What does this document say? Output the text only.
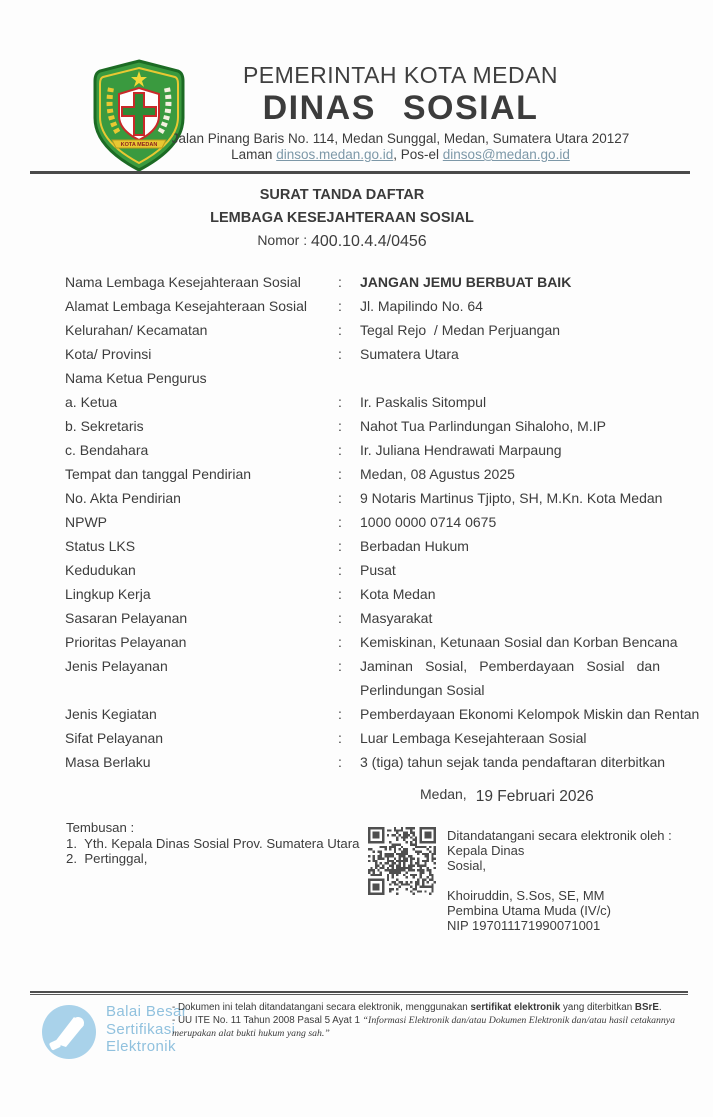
KOTA MEDAN
PEMERINTAH KOTA MEDAN
DINAS SOSIAL
Jalan Pinang Baris No. 114, Medan Sunggal, Medan, Sumatera Utara 20127
Laman dinsos.medan.go.id, Pos-el dinsos@medan.go.id
SURAT TANDA DAFTAR
LEMBAGA KESEJAHTERAAN SOSIAL
Nomor : 400.10.4.4/0456
Nama Lembaga Kesejahteraan Sosial	:	JANGAN JEMU BERBUAT BAIK
Alamat Lembaga Kesejahteraan Sosial	:	Jl. Mapilindo No. 64
Kelurahan/ Kecamatan	:	Tegal Rejo  / Medan Perjuangan
Kota/ Provinsi	:	Sumatera Utara
Nama Ketua Pengurus
a. Ketua	:	Ir. Paskalis Sitompul
b. Sekretaris	:	Nahot Tua Parlindungan Sihaloho, M.IP
c. Bendahara	:	Ir. Juliana Hendrawati Marpaung
Tempat dan tanggal Pendirian	:	Medan, 08 Agustus 2025
No. Akta Pendirian	:	9 Notaris Martinus Tjipto, SH, M.Kn. Kota Medan
NPWP	:	1000 0000 0714 0675
Status LKS	:	Berbadan Hukum
Kedudukan	:	Pusat
Lingkup Kerja	:	Kota Medan
Sasaran Pelayanan	:	Masyarakat
Prioritas Pelayanan	:	Kemiskinan, Ketunaan Sosial dan Korban Bencana
Jenis Pelayanan	:	Jaminan Sosial, Pemberdayaan Sosial dan Perlindungan Sosial
Jenis Kegiatan	:	Pemberdayaan Ekonomi Kelompok Miskin dan Rentan
Sifat Pelayanan	:	Luar Lembaga Kesejahteraan Sosial
Masa Berlaku	:	3 (tiga) tahun sejak tanda pendaftaran diterbitkan
Medan, 19 Februari 2026
Tembusan :
1.  Yth. Kepala Dinas Sosial Prov. Sumatera Utara
2.  Pertinggal,
Ditandatangani secara elektronik oleh :
Kepala Dinas
Sosial,
Khoiruddin, S.Sos, SE, MM
Pembina Utama Muda (IV/c)
NIP 197011171990071001
Balai Besar
Sertifikasi
Elektronik
- Dokumen ini telah ditandatangani secara elektronik, menggunakan sertifikat elektronik yang diterbitkan BSrE.
- UU ITE No. 11 Tahun 2008 Pasal 5 Ayat 1 “Informasi Elektronik dan/atau Dokumen Elektronik dan/atau hasil cetakannya merupakan alat bukti hukum yang sah.”
